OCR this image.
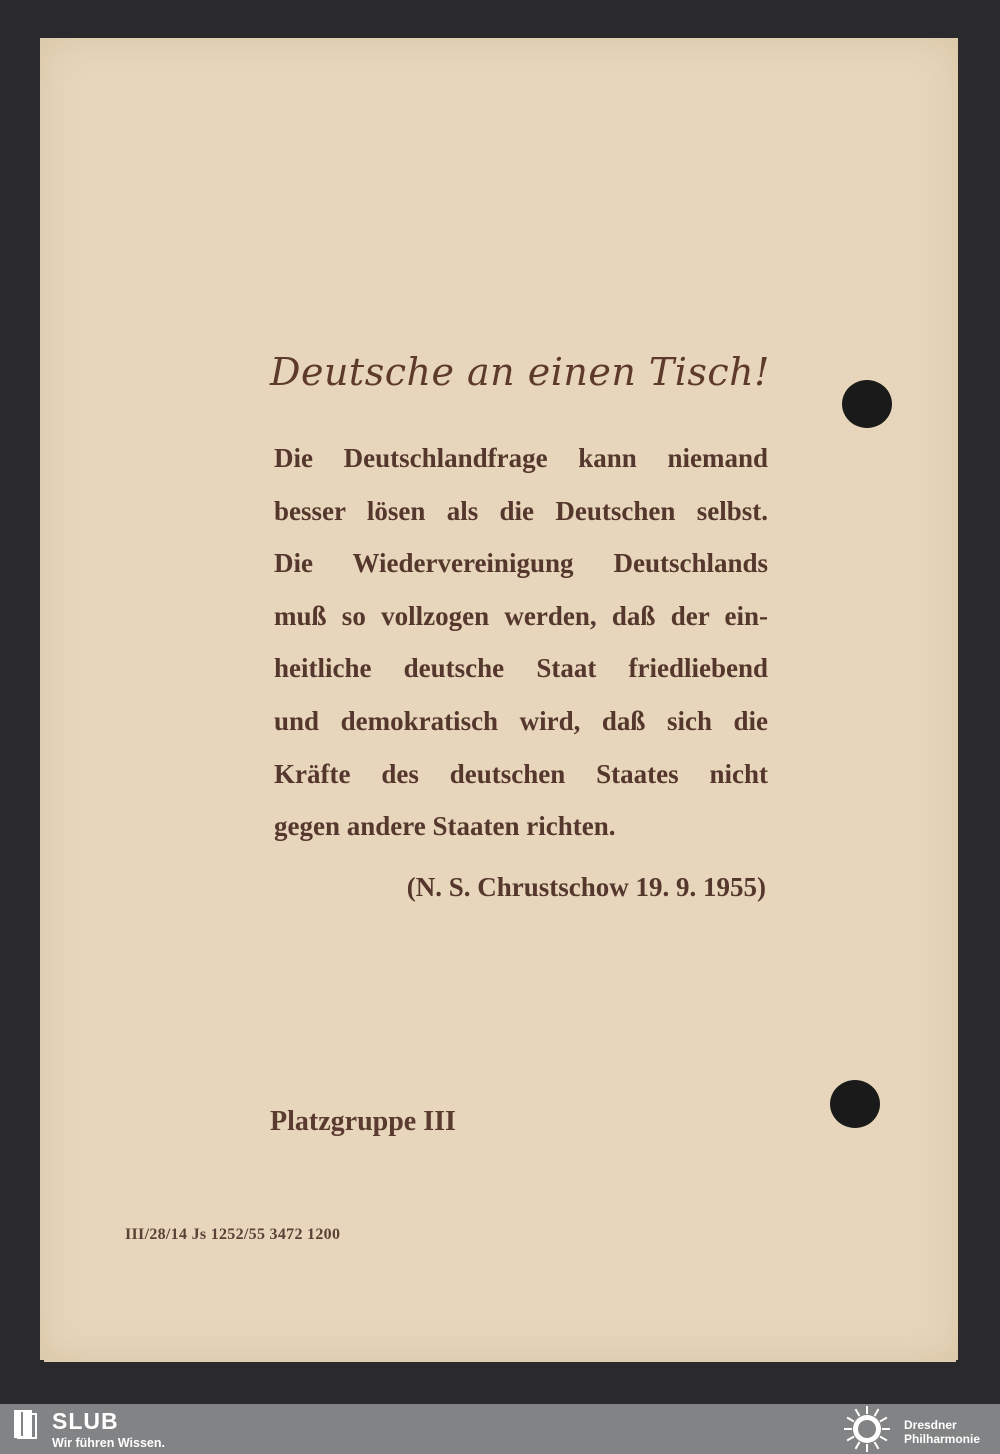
Deutsche an einen Tisch!
Die Deutschlandfrage kann niemand
besser lösen als die Deutschen selbst.
Die Wiedervereinigung Deutschlands
muß so vollzogen werden, daß der ein-
heitliche deutsche Staat friedliebend
und demokratisch wird, daß sich die
Kräfte des deutschen Staates nicht
gegen andere Staaten richten.
(N. S. Chrustschow 19. 9. 1955)
Platzgruppe III
III/28/14 Js 1252/55 3472 1200
SLUB
Wir führen Wissen.
Dresdner
Philharmonie
